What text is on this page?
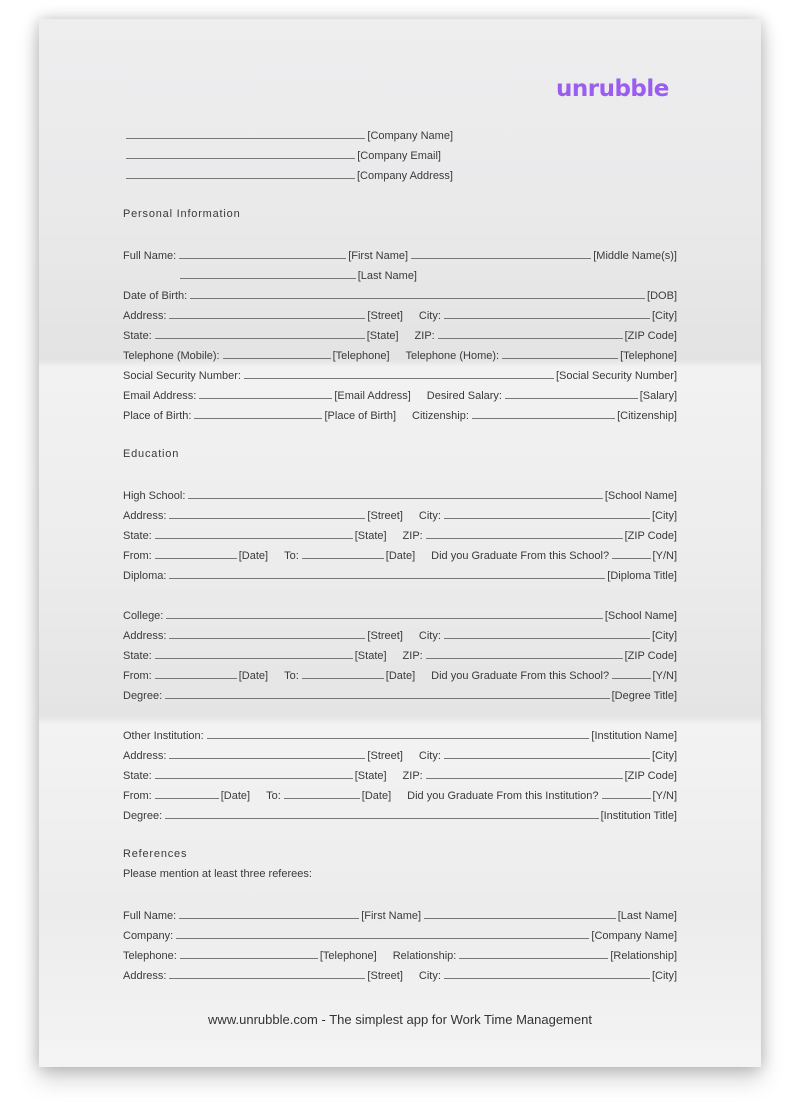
unrubble
[Company Name]
[Company Email]
[Company Address]
Personal Information
Full Name:	[First Name]	[Middle Name(s)]
[Last Name]
Date of Birth:	[DOB]
Address:	[Street] City:	[City]
State:	[State] ZIP:	[ZIP Code]
Telephone (Mobile):	[Telephone] Telephone (Home):	[Telephone]
Social Security Number:	[Social Security Number]
Email Address:	[Email Address] Desired Salary:	[Salary]
Place of Birth:	[Place of Birth] Citizenship:	[Citizenship]
Education
High School:	[School Name]
Address:	[Street] City:	[City]
State:	[State] ZIP:	[ZIP Code]
From:	[Date] To:	[Date] Did you Graduate From this School?	[Y/N]
Diploma:	[Diploma Title]
College:	[School Name]
Address:	[Street] City:	[City]
State:	[State] ZIP:	[ZIP Code]
From:	[Date] To:	[Date] Did you Graduate From this School?	[Y/N]
Degree:	[Degree Title]
Other Institution:	[Institution Name]
Address:	[Street] City:	[City]
State:	[State] ZIP:	[ZIP Code]
From:	[Date] To:	[Date] Did you Graduate From this Institution?	[Y/N]
Degree:	[Institution Title]
References
Please mention at least three referees:
Full Name:	[First Name]	[Last Name]
Company:	[Company Name]
Telephone:	[Telephone] Relationship:	[Relationship]
Address:	[Street] City:	[City]
www.unrubble.com - The simplest app for Work Time Management
